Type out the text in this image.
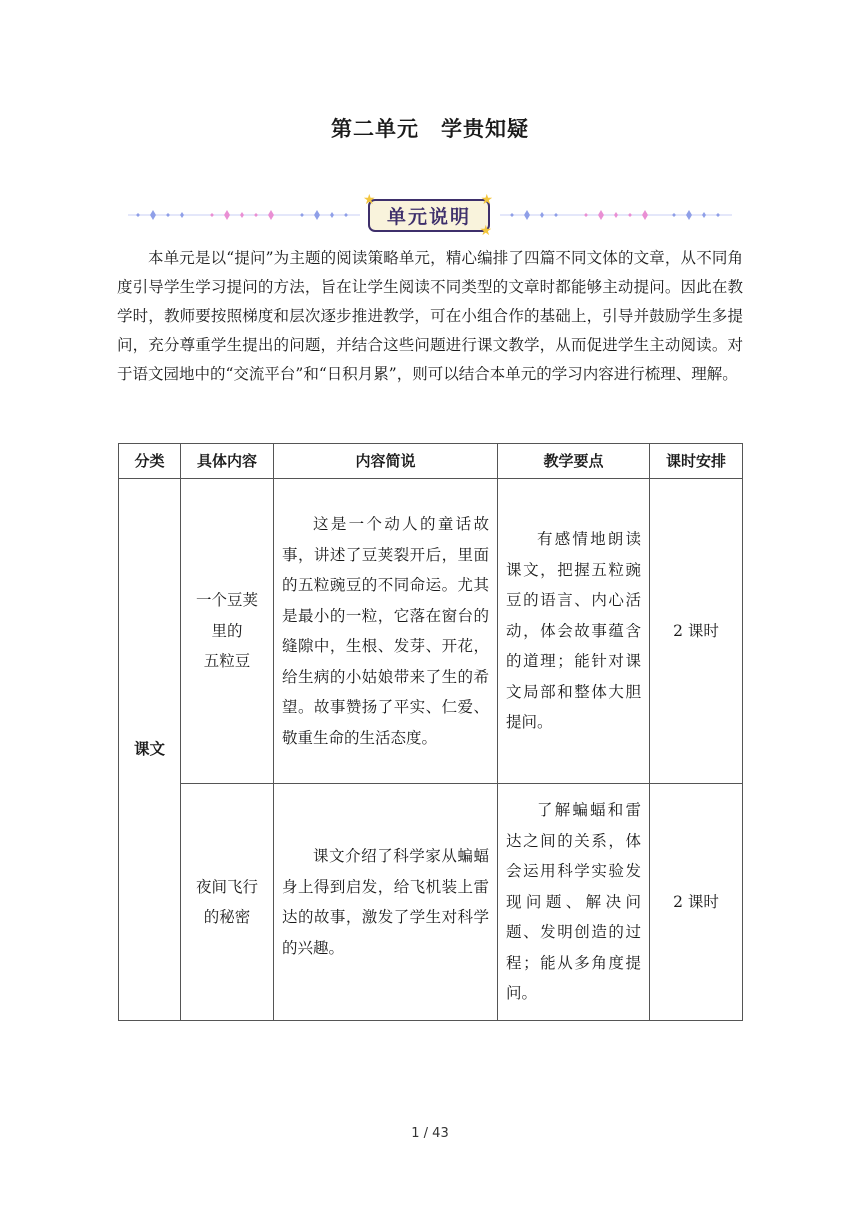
第二单元　学贵知疑
★	★
★
单元说明

本单元是以“提问”为主题的阅读策略单元，精心编排了四篇不同文体的文章，从不同角度引导学生学习提问的方法，旨在让学生阅读不同类型的文章时都能够主动提问。因此在教学时，教师要按照梯度和层次逐步推进教学，可在小组合作的基础上，引导并鼓励学生多提问，充分尊重学生提出的问题，并结合这些问题进行课文教学，从而促进学生主动阅读。对于语文园地中的“交流平台”和“日积月累”，则可以结合本单元的学习内容进行梳理、理解。

分类	具体内容	内容简说	教学要点	课时安排
课文	一个豆荚
里的
五粒豆	这是一个动人的童话故事，讲述了豆荚裂开后，里面的五粒豌豆的不同命运。尤其是最小的一粒，它落在窗台的缝隙中，生根、发芽、开花，给生病的小姑娘带来了生的希望。故事赞扬了平实、仁爱、敬重生命的生活态度。	有感情地朗读课文，把握五粒豌豆的语言、内心活动，体会故事蕴含的道理；能针对课文局部和整体大胆提问。	2 课时

	夜间飞行
的秘密	课文介绍了科学家从蝙蝠身上得到启发，给飞机装上雷达的故事，激发了学生对科学的兴趣。	了解蝙蝠和雷达之间的关系，体会运用科学实验发现问题、解决问题、发明创造的过程；能从多角度提问。	2 课时
1 / 43
